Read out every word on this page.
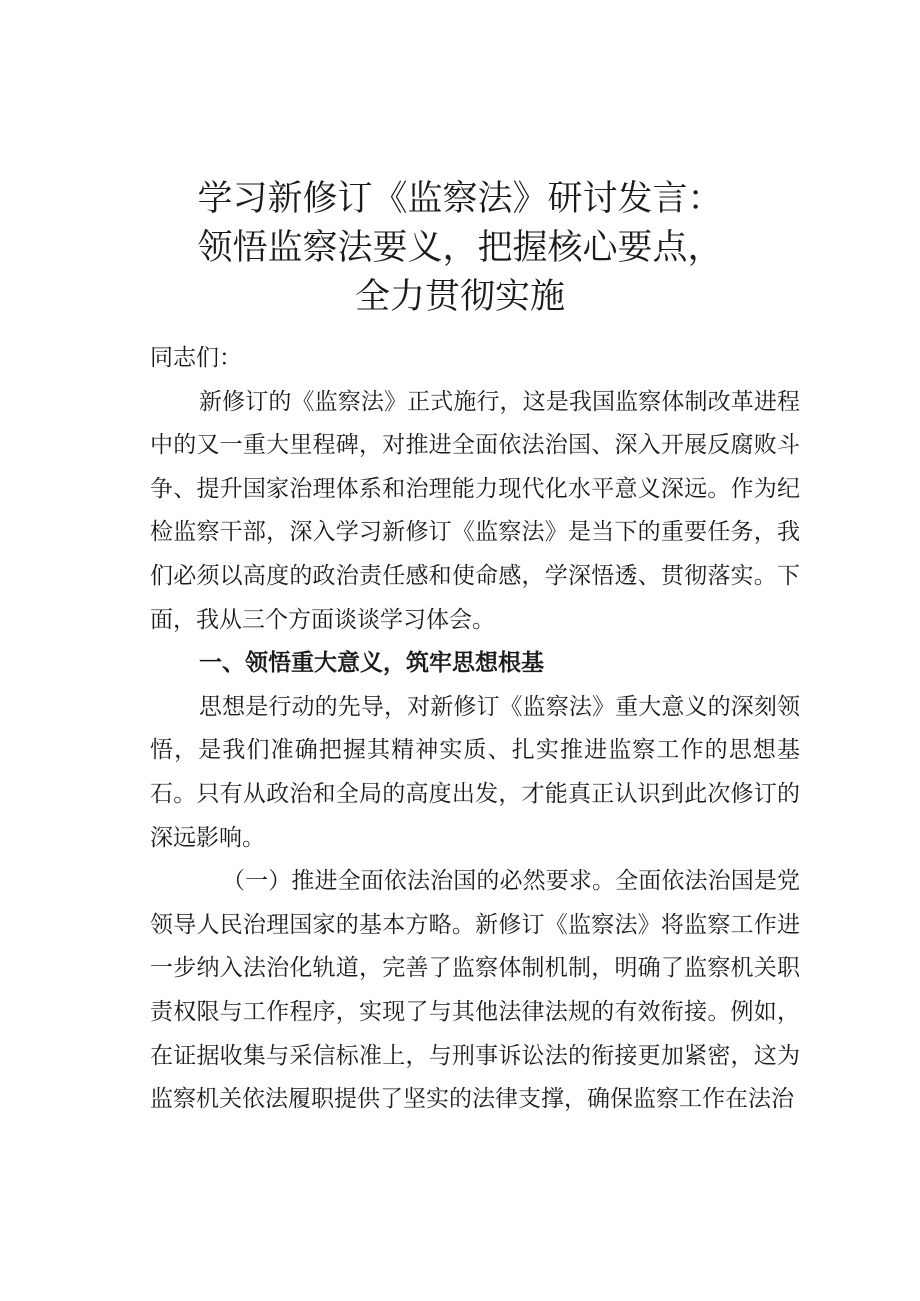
学习新修订《监察法》研讨发言：
领悟监察法要义，把握核心要点，
全力贯彻实施

同志们：

新修订的《监察法》正式施行，这是我国监察体制改革进程中的又一重大里程碑，对推进全面依法治国、深入开展反腐败斗争、提升国家治理体系和治理能力现代化水平意义深远。作为纪检监察干部，深入学习新修订《监察法》是当下的重要任务，我们必须以高度的政治责任感和使命感，学深悟透、贯彻落实。下面，我从三个方面谈谈学习体会。

一、领悟重大意义，筑牢思想根基

思想是行动的先导，对新修订《监察法》重大意义的深刻领悟，是我们准确把握其精神实质、扎实推进监察工作的思想基石。只有从政治和全局的高度出发，才能真正认识到此次修订的深远影响。

（一）推进全面依法治国的必然要求。全面依法治国是党领导人民治理国家的基本方略。新修订《监察法》将监察工作进一步纳入法治化轨道，完善了监察体制机制，明确了监察机关职责权限与工作程序，实现了与其他法律法规的有效衔接。例如，在证据收集与采信标准上，与刑事诉讼法的衔接更加紧密，这为监察机关依法履职提供了坚实的法律支撑，确保监察工作在法治
